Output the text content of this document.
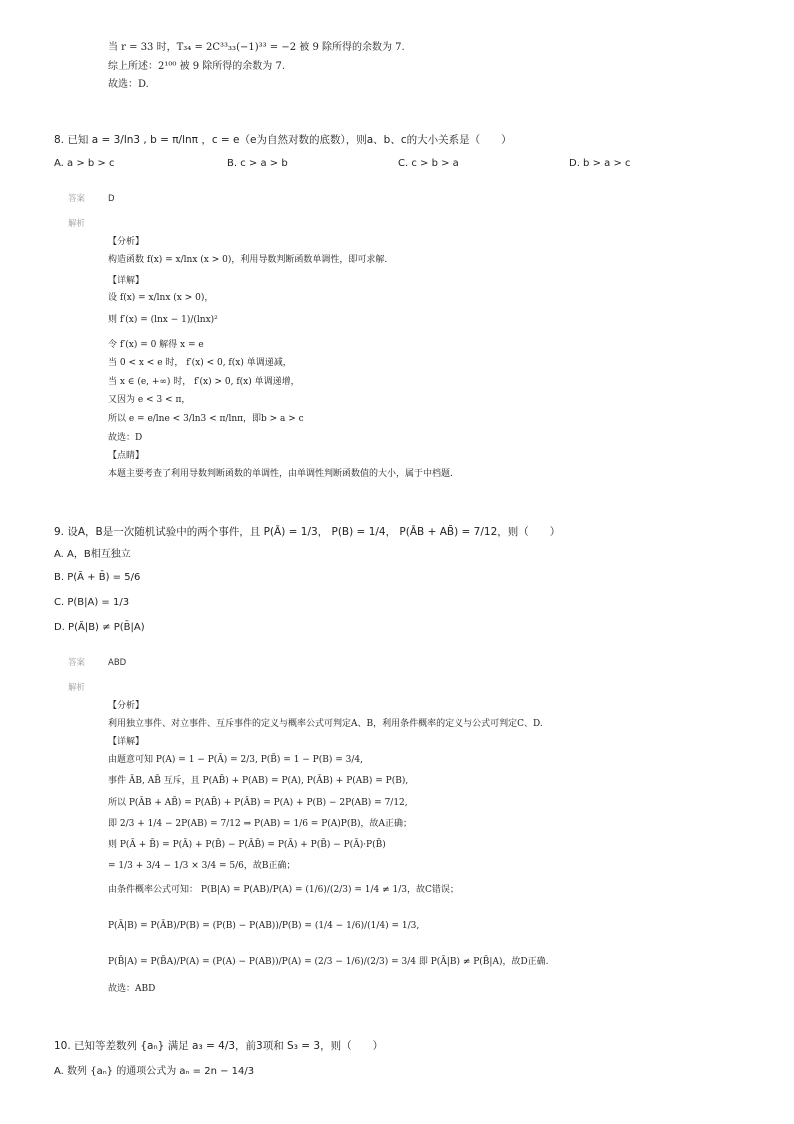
当 r = 33 时，T₃₄ = 2C³³₃₃(−1)³³ = −2 被 9 除所得的余数为 7.
综上所述：2¹⁰⁰ 被 9 除所得的余数为 7.
故选：D.
8. 已知 a = 3/ln3 , b = π/lnπ ，c = e（e为自然对数的底数），则a、b、c的大小关系是（　　）
A. a > b > c	B. c > a > b	C. c > b > a	D. b > a > c
答案	D
解析
【分析】
构造函数 f(x) = x/lnx (x > 0)，利用导数判断函数单调性，即可求解.
【详解】
设 f(x) = x/lnx (x > 0)，
则 f′(x) = (lnx − 1)/(lnx)²
令 f′(x) = 0 解得 x = e
当 0 < x < e 时， f′(x) < 0, f(x) 单调递减，
当 x ∈ (e, +∞) 时， f′(x) > 0, f(x) 单调递增，
又因为 e < 3 < π，
所以 e = e/lne < 3/ln3 < π/lnπ，即b > a > c
故选：D
【点睛】
本题主要考查了利用导数判断函数的单调性，由单调性判断函数值的大小，属于中档题.
9. 设A，B是一次随机试验中的两个事件，且 P(Ā) = 1/3， P(B) = 1/4， P(ĀB + AB̄) = 7/12，则（　　）
A. A，B相互独立
B. P(Ā + B̄) = 5/6
C. P(B|A) = 1/3
D. P(Ā|B) ≠ P(B̄|A)
答案	ABD
解析
【分析】
利用独立事件、对立事件、互斥事件的定义与概率公式可判定A、B，利用条件概率的定义与公式可判定C、D.
【详解】
由题意可知 P(A) = 1 − P(Ā) = 2/3, P(B̄) = 1 − P(B) = 3/4,
事件 ĀB, AB̄ 互斥，且 P(AB̄) + P(AB) = P(A), P(ĀB) + P(AB) = P(B),
所以 P(ĀB + AB̄) = P(AB̄) + P(ĀB) = P(A) + P(B) − 2P(AB) = 7/12,
即 2/3 + 1/4 − 2P(AB) = 7/12 ⇒ P(AB) = 1/6 = P(A)P(B)，故A正确；
则 P(Ā + B̄) = P(Ā) + P(B̄) − P(ĀB̄) = P(Ā) + P(B̄) − P(Ā)·P(B̄)
= 1/3 + 3/4 − 1/3 × 3/4 = 5/6，故B正确；
由条件概率公式可知： P(B|A) = P(AB)/P(A) = (1/6)/(2/3) = 1/4 ≠ 1/3，故C错误；
P(Ā|B) = P(ĀB)/P(B) = (P(B) − P(AB))/P(B) = (1/4 − 1/6)/(1/4) = 1/3,
P(B̄|A) = P(B̄A)/P(A) = (P(A) − P(AB))/P(A) = (2/3 − 1/6)/(2/3) = 3/4 即 P(Ā|B) ≠ P(B̄|A)，故D正确.
故选：ABD
10. 已知等差数列 {aₙ} 满足 a₃ = 4/3，前3项和 S₃ = 3，则（　　）
A. 数列 {aₙ} 的通项公式为 aₙ = 2n − 14/3
